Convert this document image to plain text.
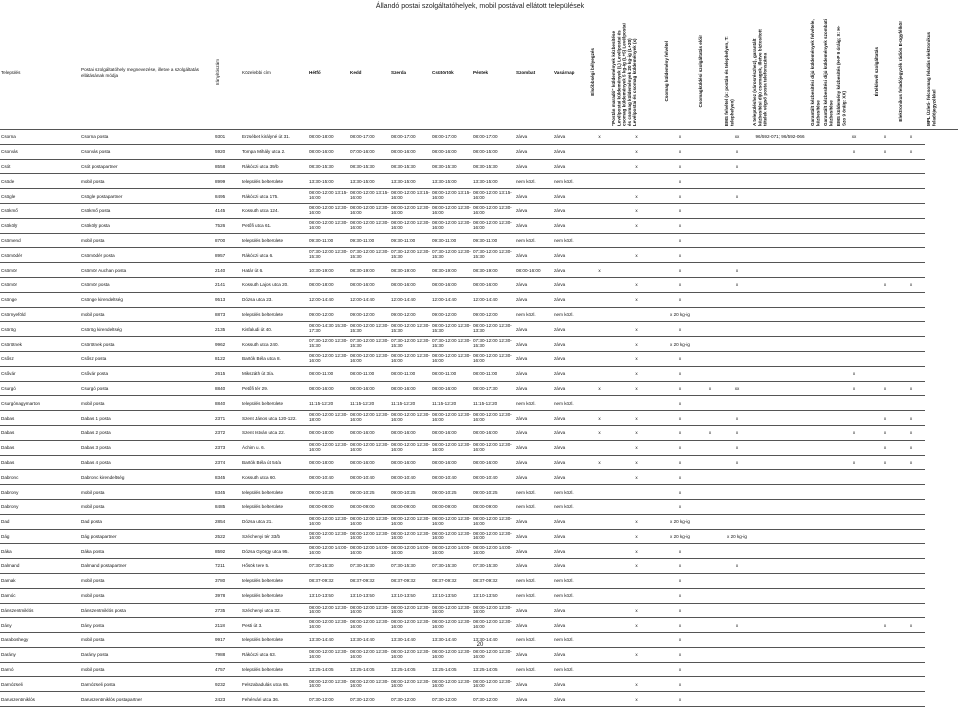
Állandó postai szolgáltatóhelyek, mobil postával ellátott települések
Település	Postai szolgáltatóhely megnevezése, illetve a szolgáltatás ellátásának módja	Irányítószám	Közelebbi cím	Hétfő	Kedd	Szerda	Csütörtök	Péntek	Szombat	Vasárnap	Elsőbbségi bélyegzés	"Postán maradó" küldemények kézbesítése Levélpostai küldemények (L) Levélpostai és csomag küldemények 5 kg-ig (L+5) Levélpostai és csomag küldemények 20 kg-ig (L+20) Levélpostai és csomag küldemények (x)	Csomag küldemény felvétel	Csomagküldési szolgáltatás előír	EMS felvétel (x: postán és telephelyen, T: telephelyen)	A településhez (városrészhez), garantált kézbesítési díjú csomagok, illetve biztosított tételek végső posta telefonszáma	Garantált kézbesítési díjú küldemények felvétele, kézbesítése	Garantált kézbesítési díjú küldemények szombati kézbesítése	EMS küldemény kézbesítés (H-P 9 óráig; X: H-Szo 9 óráig: XX)	Értéklevél szolgáltatás	Elektronikus feladójegyzék rádiós E-ügyfélkör	MPL Üzleti- felcsomag feladás elektronikus feladójegyzékkel
Csorna	Csorna posta	9301	Erzsébet királyné út 31.	08:00-18:00	08:00-17:00	08:00-17:00	08:00-17:00	08:00-17:00	zárva	zárva	x	x	x		xx	96/592-071; 96/592-066			xx	x	x	
Csorvás	Csorvás posta	5920	Tompa Mihály utca 2.	08:00-16:00	07:00-16:00	08:00-16:00	08:00-16:00	08:00-15:00	zárva	zárva		x	x		x				x	x	x	
Csót	Csót postapartner	8558	Rákóczi utca 39/b	08:30-15:30	08:30-15:30	08:30-15:30	08:30-15:30	08:30-15:30	zárva	zárva		x	x		x							
Csöde	mobil posta	8999	település belterülete	13:30-15:00	13:30-15:00	13:30-15:00	13:30-15:00	13:30-15:00	nem közl.	nem közl.			x									
Csögle	Csögle postapartner	8495	Rákóczi utca 175.	08:00-12:00 13:15-16:00	08:00-12:00 13:15-16:00	08:00-12:00 13:15-16:00	08:00-12:00 13:15-16:00	08:00-12:00 13:15-16:00	zárva	zárva		x	x		x							
Csökmő	Csökmő posta	4145	Kossuth utca 124.	08:00-12:00 12:30-16:00	08:00-12:00 12:30-16:00	08:00-12:00 12:30-16:00	08:00-12:00 12:30-16:00	08:00-12:00 12:30-16:00	zárva	zárva		x	x									
Csökölÿ	Csökölÿ posta	7526	Petőfi utca 61.	08:00-12:00 12:30-16:00	08:00-12:00 12:30-16:00	08:00-12:00 12:30-16:00	08:00-12:00 12:30-16:00	08:00-12:00 12:30-16:00	zárva	zárva		x	x									
Csömend	mobil posta	8700	település belterülete	09:30-11:00	09:30-11:00	09:30-11:00	09:30-11:00	09:30-11:00	nem közl.	nem közl.			x									
Csömödér	Csömödér posta	8957	Rákóczi utca 6.	07:30-12:00 12:30-15:30	07:30-12:00 12:30-15:30	07:30-12:00 12:30-15:30	07:30-12:00 12:30-15:30	07:30-12:00 12:30-15:30	zárva	zárva		x	x									
Csömör	Csömör Auchan posta	2140	Határ út 6.	10:30-19:00	08:30-19:00	08:30-19:00	08:30-19:00	08:30-19:00	08:00-16:00	zárva	x		x		x							
Csömör	Csömör posta	2141	Kossuth Lajos utca 20.	08:00-18:00	08:00-16:00	08:00-16:00	08:00-16:00	08:00-16:00	zárva	zárva		x	x		x					x	x	
Csönge	Csönge kirendeltség	9513	Dózsa utca 23.	12:00-14:40	12:00-14:40	12:00-14:40	12:00-14:40	12:00-14:40	zárva	zárva		x	x									
Csörnyeföld	mobil posta	8873	település belterülete	09:00-12:00	09:00-12:00	09:00-12:00	09:00-12:00	09:00-12:00	nem közl.	nem közl.			x 20 kg-ig									
Csörög	Csörög kirendeltség	2135	Kisfaludi út 40.	08:00-14:30 15:30-17:30	08:00-12:00 12:30-15:30	08:00-12:00 12:30-15:30	08:00-12:00 12:30-15:30	08:00-12:00 12:30-13:30	zárva	zárva		x	x									
Csörötnek	Csörötnek posta	9962	Kossuth utca 240.	07:30-12:00 12:30-15:30	07:30-12:00 12:30-15:30	07:30-12:00 12:30-15:30	07:30-12:00 12:30-15:30	07:30-12:00 12:30-15:30	zárva	zárva		x	x 20 kg-ig									
Csősz	Csősz posta	8122	Bartók Béla utca 8.	08:00-12:00 12:30-16:00	08:00-12:00 12:30-16:00	08:00-12:00 12:30-16:00	08:00-12:00 12:30-16:00	08:00-12:00 12:30-16:00	zárva	zárva		x	x									
Csővár	Csővár posta	2615	Mikszáth út 3/a.	08:00-11:00	08:00-11:00	08:00-11:00	08:00-11:00	08:00-11:00	zárva	zárva		x	x						x			
Csurgó	Csurgó posta	8840	Petőfi tér 29.	08:00-16:00	08:00-16:00	08:00-16:00	08:00-16:00	08:00-17:30	zárva	zárva	x	x	x	x	xx				x	x	x	
Csurgónagymarton	mobil posta	8840	település belterülete	11:15-12:20	11:15-12:20	11:15-12:20	11:15-12:20	11:15-12:20	nem közl.	nem közl.			x									
Dabas	Dabas 1 posta	2371	Szent János utca 120-122.	08:00-12:00 12:30-18:00	08:00-12:00 12:30-16:00	08:00-12:00 12:30-16:00	08:00-12:00 12:30-16:00	08:00-12:00 12:30-16:00	zárva	zárva	x	x	x		x					x	x	
Dabas	Dabas 2 posta	2372	Szent István utca 22.	08:00-18:00	08:00-16:00	08:00-16:00	08:00-16:00	08:00-16:00	zárva	zárva	x	x	x	x	x				x	x	x	
Dabas	Dabas 3 posta	2373	Áchim u. 6.	08:00-12:00 12:30-16:00	08:00-12:00 12:30-16:00	08:00-12:00 12:30-16:00	08:00-12:00 12:30-16:00	08:00-12:00 12:30-16:00	zárva	zárva		x	x		x					x	x	
Dabas	Dabas 4 posta	2374	Bartók Béla út 54/a	08:00-18:00	08:00-16:00	08:00-16:00	08:00-16:00	08:00-16:00	zárva	zárva	x	x	x		x				x	x	x	
Dabronc	Dabronc kirendeltség	8345	Kossuth utca 60.	08:00-10:40	08:00-10:40	08:00-10:40	08:00-10:40	08:00-10:40	zárva	zárva		x	x									
Dabrony	mobil posta	8345	település belterülete	09:00-10:25	09:00-10:25	09:00-10:25	09:00-10:25	09:00-10:25	nem közl.	nem közl.			x									
Dabrony	mobil posta	8485	település belterülete	08:00-09:00	08:00-09:00	08:00-09:00	08:00-09:00	08:00-09:00	nem közl.	nem közl.			x									
Dad	Dad posta	2854	Dózsa utca 21.	08:00-12:00 12:30-16:00	08:00-12:00 12:30-16:00	08:00-12:00 12:30-16:00	08:00-12:00 12:30-16:00	08:00-12:00 12:30-16:00	zárva	zárva		x	x 20 kg-ig									
Dág	Dág postapartner	2522	Széchenyi tér 33/b	08:00-12:00 12:30-16:00	08:00-12:00 12:30-16:00	08:00-12:00 12:30-16:00	08:00-12:00 12:30-16:00	08:00-12:00 12:30-16:00	zárva	zárva		x	x 20 kg-ig		x 20 kg-ig							
Dáka	Dáka posta	8592	Dózsa György utca 95.	08:00-12:00 14:00-16:00	08:00-12:00 14:00-16:00	08:00-12:00 14:00-16:00	08:00-12:00 14:00-16:00	08:00-12:00 14:00-16:00	zárva	zárva		x	x									
Dalmand	Dalmand postapartner	7211	Hősök tere 5.	07:30-15:30	07:30-15:30	07:30-15:30	07:30-15:30	07:30-15:30	zárva	zárva		x	x		x							
Damak	mobil posta	3780	település belterülete	08:37-09:32	08:37-09:32	08:37-09:32	08:37-09:32	08:37-09:32	nem közl.	nem közl.			x									
Damóc	mobil posta	3978	település belterülete	13:10-13:50	13:10-13:50	13:10-13:50	13:10-13:50	13:10-13:50	nem közl.	nem közl.			x									
Dánszentmiklós	Dánszentmiklós posta	2735	Széchenyi utca 32.	08:00-12:00 12:30-16:00	08:00-12:00 12:30-16:00	08:00-12:00 12:30-16:00	08:00-12:00 12:30-16:00	08:00-12:00 12:30-16:00	zárva	zárva		x	x									
Dány	Dány posta	2118	Pesti út 3.	08:00-12:00 12:30-16:00	08:00-12:00 12:30-16:00	08:00-12:00 12:30-16:00	08:00-12:00 12:30-16:00	08:00-12:00 12:30-16:00	zárva	zárva		x	x		x					x	x	
Daraboshegy	mobil posta	9917	település belterülete	13:30-14:40	13:30-14:40	13:30-14:40	13:30-14:40	13:30-14:40	nem közl.	nem közl.			x									
Darány	Darány posta	7988	Rákóczi utca 63.	08:00-12:00 12:30-16:00	08:00-12:00 12:30-16:00	08:00-12:00 12:30-16:00	08:00-12:00 12:30-16:00	08:00-12:00 12:30-16:00	zárva	zárva		x	x									
Darnó	mobil posta	4757	település belterülete	13:25-14:05	13:25-14:05	13:25-14:05	13:25-14:05	13:25-14:05	nem közl.	nem közl.			x									
Darnózseli	Darnózseli posta	9232	Felszabadulás utca 65.	08:00-12:00 12:30-16:00	08:00-12:00 12:30-16:00	08:00-12:00 12:30-16:00	08:00-12:00 12:30-16:00	08:00-12:00 12:30-16:00	zárva	zárva		x	x									
Daruszentmiklós	Daruszentmiklós postapartner	2423	Fehérvári utca 36.	07:30-12:00	07:30-12:00	07:30-12:00	07:30-12:00	07:30-12:00	zárva	zárva		x	x									
20
